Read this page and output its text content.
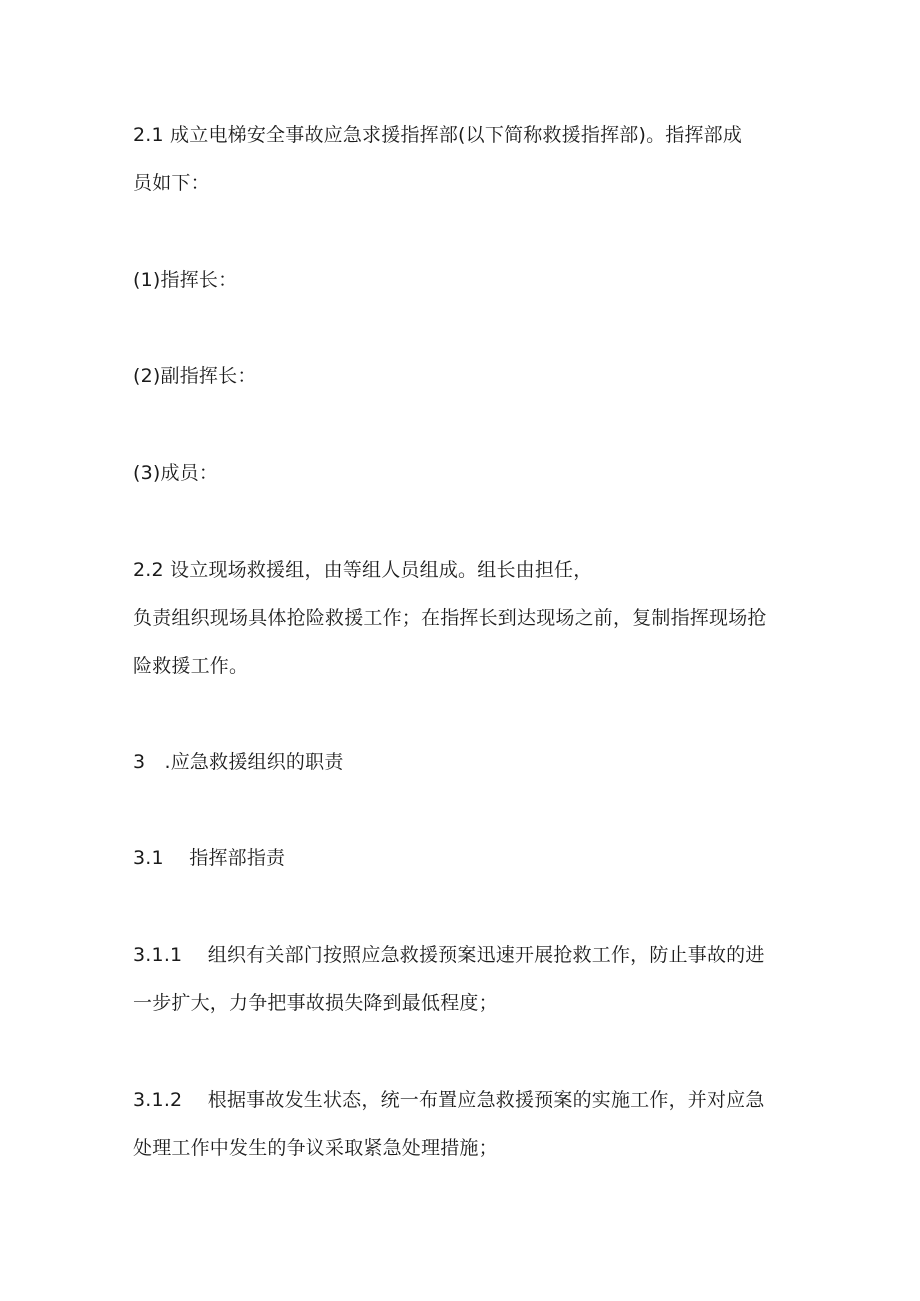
2.1 成立电梯安全事故应急求援指挥部(以下简称救援指挥部)。指挥部成
员如下：
(1)指挥长：
(2)副指挥长：
(3)成员：
2.2 设立现场救援组，由等组人员组成。组长由担任，
负责组织现场具体抢险救援工作；在指挥长到达现场之前，复制指挥现场抢
险救援工作。
3　.应急救援组织的职责
3.1　 指挥部指责
3.1.1　 组织有关部门按照应急救援预案迅速开展抢救工作，防止事故的进
一步扩大，力争把事故损失降到最低程度；
3.1.2　 根据事故发生状态，统一布置应急救援预案的实施工作，并对应急
处理工作中发生的争议采取紧急处理措施；
